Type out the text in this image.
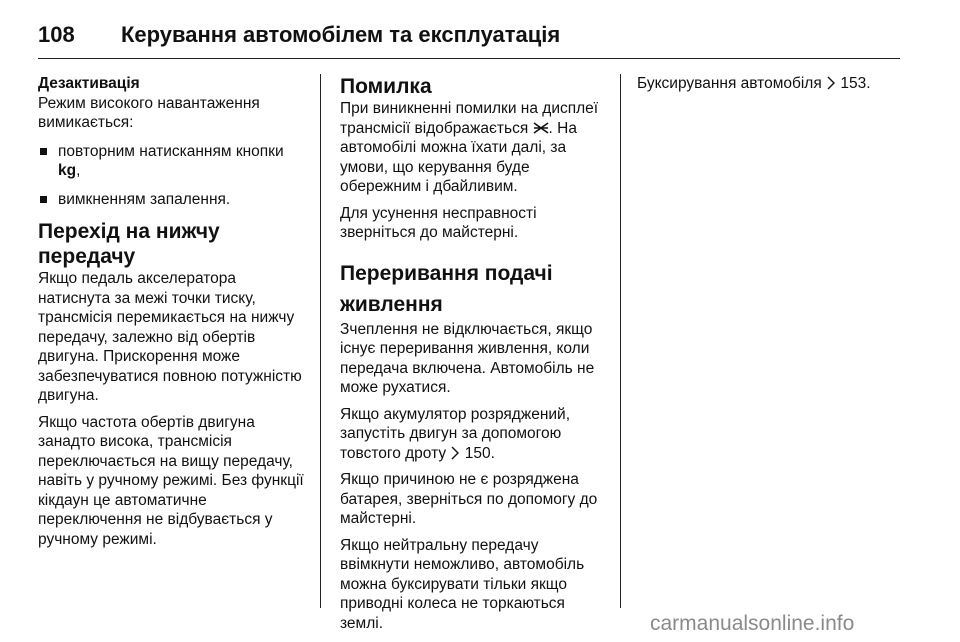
108 Керування автомобілем та експлуатація
Дезактивація

Режим високого навантаження вимикається:

повторним натисканням кнопки kg,
вимкненням запалення.
Перехід на нижчу передачу

Якщо педаль акселератора натиснута за межі точки тиску, трансмісія перемикається на нижчу передачу, залежно від обертів двигуна. Прискорення може забезпечуватися повною потужністю двигуна.

Якщо частота обертів двигуна занадто висока, трансмісія переключається на вищу передачу, навіть у ручному режимі. Без функції кікдаун це автоматичне переключення не відбувається у ручному режимі.

Помилка

При виникненні помилки на дисплеї трансмісії відображається . На автомобілі можна їхати далі, за умови, що керування буде обережним і дбайливим.

Для усунення несправності зверніться до майстерні.

Переривання подачі живлення

Зчеплення не відключається, якщо існує переривання живлення, коли передача включена. Автомобіль не може рухатися.

Якщо акумулятор розряджений, запустіть двигун за допомогою товстого дроту  150.

Якщо причиною не є розряджена батарея, зверніться по допомогу до майстерні.

Якщо нейтральну передачу ввімкнути неможливо, автомобіль можна буксирувати тільки якщо приводні колеса не торкаються землі.

Буксирування автомобіля  153.

carmanualsonline.info
